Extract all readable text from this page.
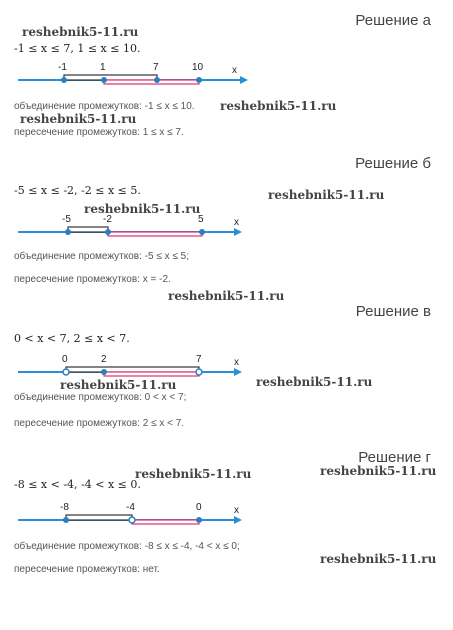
reshebnik5-11.ru
Решение а
-1 ≤ x ≤ 7, 1 ≤ x ≤ 10.
-1	1	7	10	x
объединение промежутков: -1 ≤ x ≤ 10. reshebnik5-11.ru
reshebnik5-11.ru
пересечение промежутков: 1 ≤ x ≤ 7.
Решение б
-5 ≤ x ≤ -2, -2 ≤ x ≤ 5.	reshebnik5-11.ru
reshebnik5-11.ru
-5	-2	5	x
объединение промежутков: -5 ≤ x ≤ 5;
пересечение промежутков: x = -2.
reshebnik5-11.ru
Решение в
0 < x < 7, 2 ≤ x < 7.
0	2	7	x
reshebnik5-11.ru	reshebnik5-11.ru
объединение промежутков: 0 < x < 7;
пересечение промежутков: 2 ≤ x < 7.
Решение г
reshebnik5-11.ru	reshebnik5-11.ru
-8 ≤ x < -4, -4 < x ≤ 0.
-8	-4	0	x
объединение промежутков: -8 ≤ x ≤ -4, -4 < x ≤ 0;
reshebnik5-11.ru
пересечение промежутков: нет.
